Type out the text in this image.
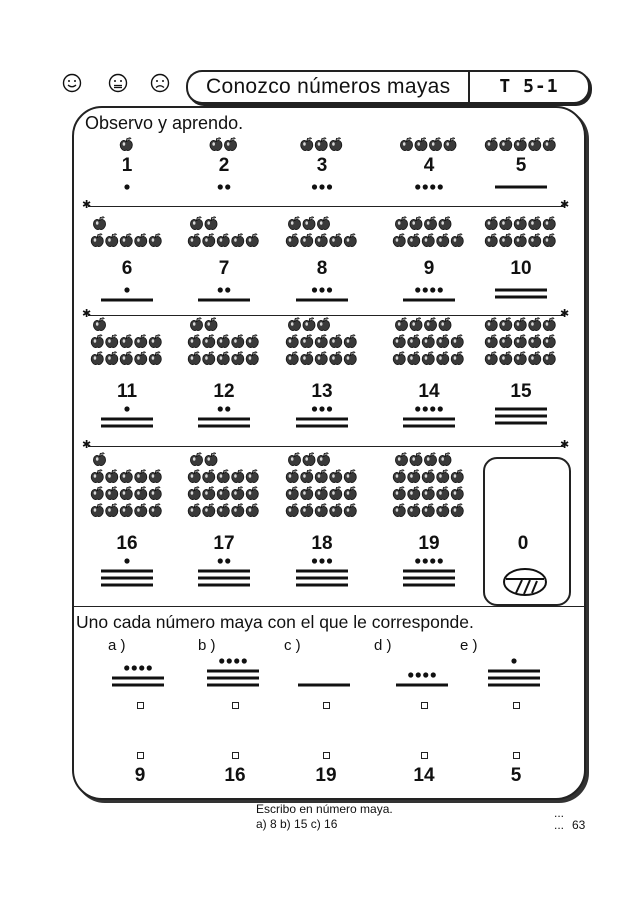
Conozco números mayas	T 5-1
Observo y aprendo.
1	2	3	4	5
6	7	8	9	10
11	12	13	14	15
16	17	18	19
✱	✱
✱	✱
✱	✱
0
Uno cada número maya con el que le corresponde.
a )
9
b )
16
c )
19
d )
14
e )
5
Escribo en número maya.
a) 8 b) 15 c) 16
...
... 63
